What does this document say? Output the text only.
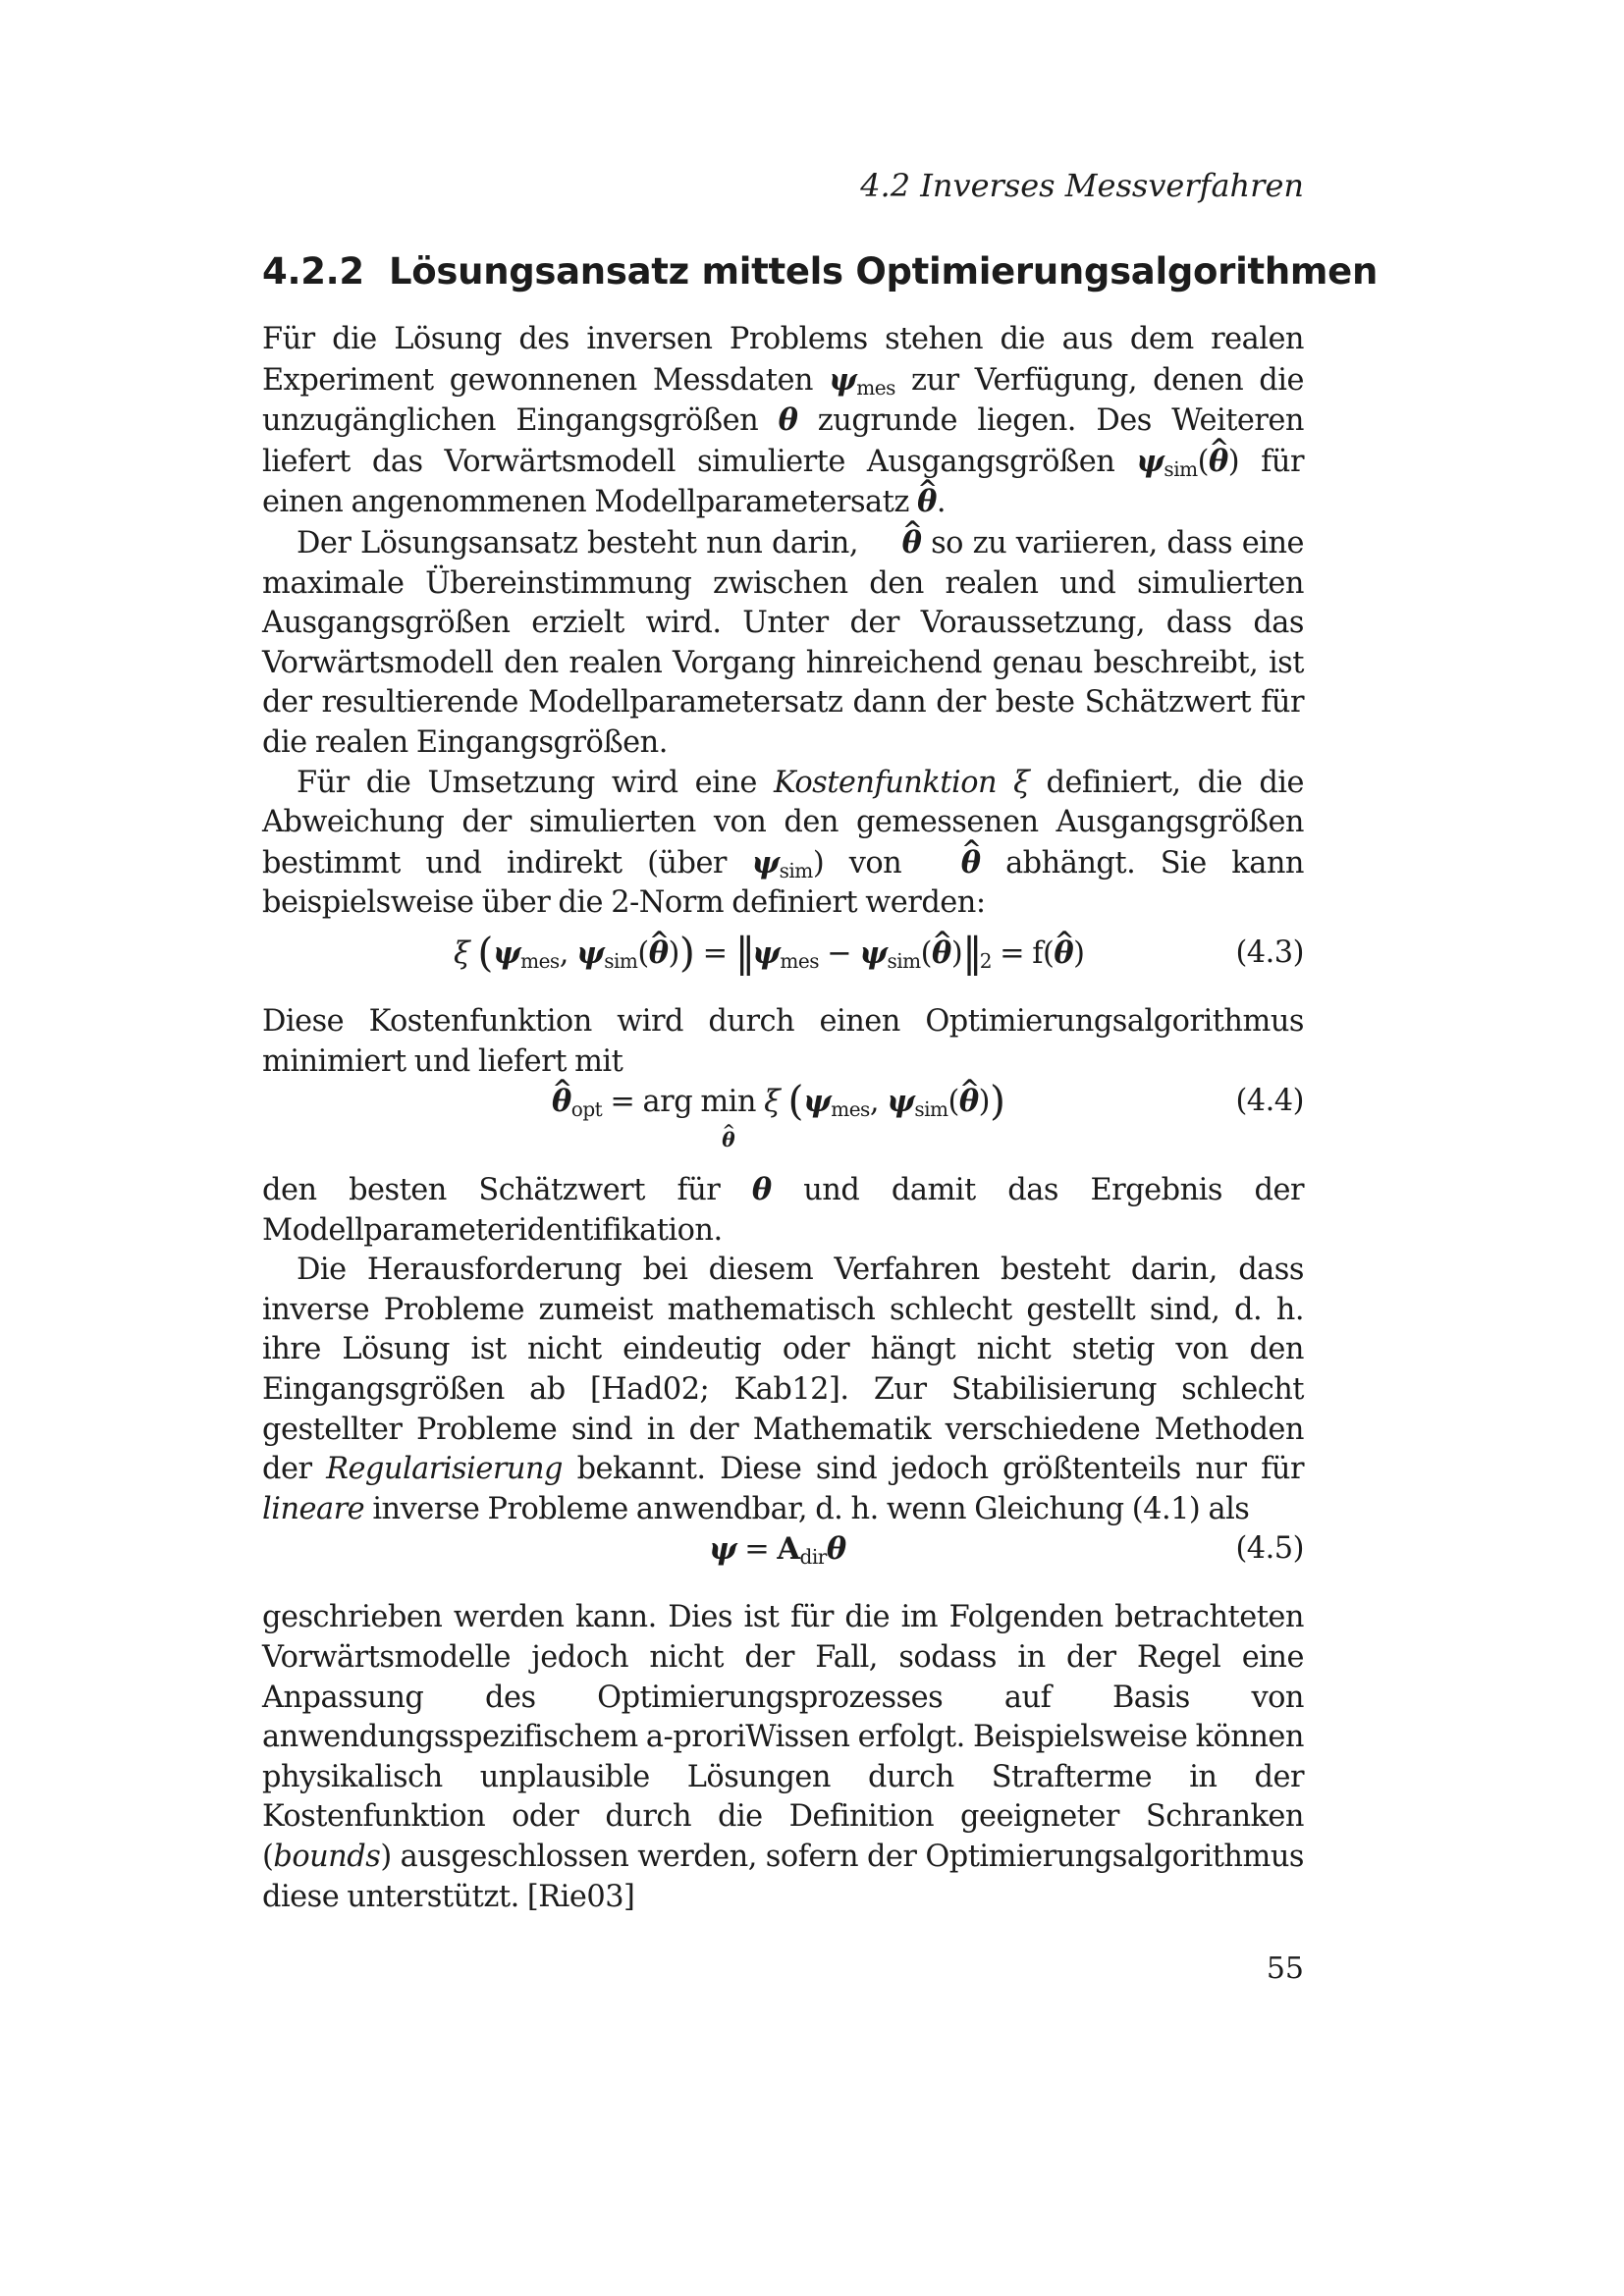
4.2 Inverses Messverfahren
4.2.2 Lösungsansatz mittels Optimierungsalgorithmen

Für die Lösung des inversen Problems stehen die aus dem realen Experiment gewonnenen Messdaten $\psi_{mes}$ zur Verfügung, denen die unzugänglichen Eingangsgrößen θ zugrunde liegen. Des Weiteren liefert das Vorwärtsmodell simulierte Ausgangsgrößen $\psi_{sim}(\^{}$ θ) für einen angenommenen Modellparametersatz ^ θ.

Der Lösungsansatz besteht nun darin, ^ θ so zu variieren, dass eine maximale Übereinstimmung zwischen den realen und simulierten Ausgangsgrößen erzielt wird. Unter der Voraussetzung, dass das Vorwärtsmodell den realen Vorgang hinreichend genau beschreibt, ist der resultierende Modellparametersatz dann der beste Schätzwert für die realen Eingangsgrößen.

Für die Umsetzung wird eine Kostenfunktion ξ definiert, die die Abweichung der simulierten von den gemessenen Ausgangsgrößen bestimmt und indirekt (über $\psi_{sim}$) von ^ θ abhängt. Sie kann beispielsweise über die 2-Norm definiert werden:

ξ ($\psi_{mes}$, $\psi_{sim}(\^{}$ $\theta)) = ‖\psi_{mes}$ − $\psi_{sim}(\^{}$ $\theta)‖_2$ = f(^ θ)	(4.3)

Diese Kostenfunktion wird durch einen Optimierungsalgorithmus minimiert und liefert mit

^ $\theta_{opt}$ = arg min
^ θ
ξ ($\psi_{mes}$, $\psi_{sim}(\^{}$ θ))	(4.4)

den besten Schätzwert für θ und damit das Ergebnis der Modellparameteridentifikation.

Die Herausforderung bei diesem Verfahren besteht darin, dass inverse Probleme zumeist mathematisch schlecht gestellt sind, d. h. ihre Lösung ist nicht eindeutig oder hängt nicht stetig von den Eingangsgrößen ab [Had02; Kab12]. Zur Stabilisierung schlecht gestellter Probleme sind in der Mathematik verschiedene Methoden der Regularisierung bekannt. Diese sind jedoch größtenteils nur für lineare inverse Probleme anwendbar, d. h. wenn Gleichung (4.1) als

$\psi = A_{dir}\theta$	(4.5)

geschrieben werden kann. Dies ist für die im Folgenden betrachteten Vorwärtsmodelle jedoch nicht der Fall, sodass in der Regel eine Anpassung des Optimierungsprozesses auf Basis von anwendungsspezifischem a-proriWissen erfolgt. Beispielsweise können physikalisch unplausible Lösungen durch Strafterme in der Kostenfunktion oder durch die Definition geeigneter Schranken (bounds) ausgeschlossen werden, sofern der Optimierungsalgorithmus diese unterstützt. [Rie03]

55
